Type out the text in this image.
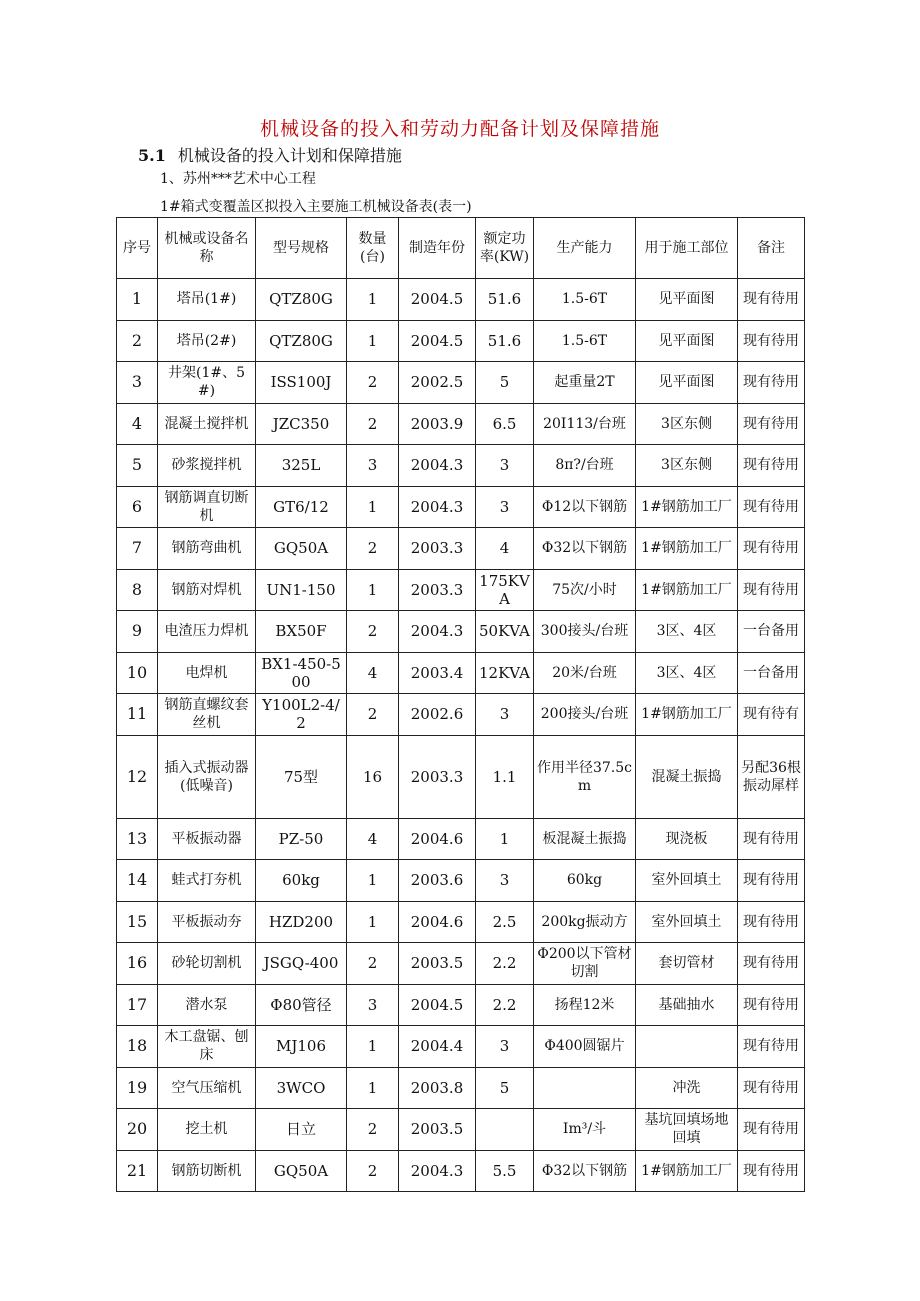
机械设备的投入和劳动力配备计划及保障措施
5.1 机械设备的投入计划和保障措施
1、苏州***艺术中心工程
1#箱式变覆盖区拟投入主要施工机械设备表(表一)
序号	机械或设备名称	型号规格	数量(台)	制造年份	额定功率(KW)	生产能力	用于施工部位	备注
1	塔吊(1#)	QTZ80G	1	2004.5	51.6	1.5-6T	见平面图	现有待用
2	塔吊(2#)	QTZ80G	1	2004.5	51.6	1.5-6T	见平面图	现有待用
3	井架(1#、5#)	ISS100J	2	2002.5	5	起重量2T	见平面图	现有待用
4	混凝土搅拌机	JZC350	2	2003.9	6.5	20I113/台班	3区东侧	现有待用
5	砂浆搅拌机	325L	3	2004.3	3	8π?/台班	3区东侧	现有待用
6	钢筋调直切断机	GT6/12	1	2004.3	3	Φ12以下钢筋	1#钢筋加工厂	现有待用
7	钢筋弯曲机	GQ50A	2	2003.3	4	Φ32以下钢筋	1#钢筋加工厂	现有待用
8	钢筋对焊机	UN1-150	1	2003.3	175KVA	75次/小时	1#钢筋加工厂	现有待用
9	电渣压力焊机	BX50F	2	2004.3	50KVA	300接头/台班	3区、4区	一台备用
10	电焊机	BX1-450-500	4	2003.4	12KVA	20米/台班	3区、4区	一台备用
11	钢筋直螺纹套丝机	Y100L2-4/2	2	2002.6	3	200接头/台班	1#钢筋加工厂	现有待有
12	插入式振动器(低噪音)	75型	16	2003.3	1.1	作用半径37.5cm	混凝土振捣	另配36根振动犀样
13	平板振动器	PZ-50	4	2004.6	1	板混凝土振捣	现浇板	现有待用
14	蛙式打夯机	60kg	1	2003.6	3	60kg	室外回填土	现有待用
15	平板振动夯	HZD200	1	2004.6	2.5	200kg振动方	室外回填土	现有待用
16	砂轮切割机	JSGQ-400	2	2003.5	2.2	Φ200以下管材切割	套切管材	现有待用
17	潜水泵	Φ80管径	3	2004.5	2.2	扬程12米	基础抽水	现有待用
18	木工盘锯、刨床	MJ106	1	2004.4	3	Φ400圆锯片		现有待用
19	空气压缩机	3WCO	1	2003.8	5		冲洗	现有待用
20	挖土机	日立	2	2003.5		Im³/斗	基坑回填场地回填	现有待用
21	钢筋切断机	GQ50A	2	2004.3	5.5	Φ32以下钢筋	1#钢筋加工厂	现有待用
